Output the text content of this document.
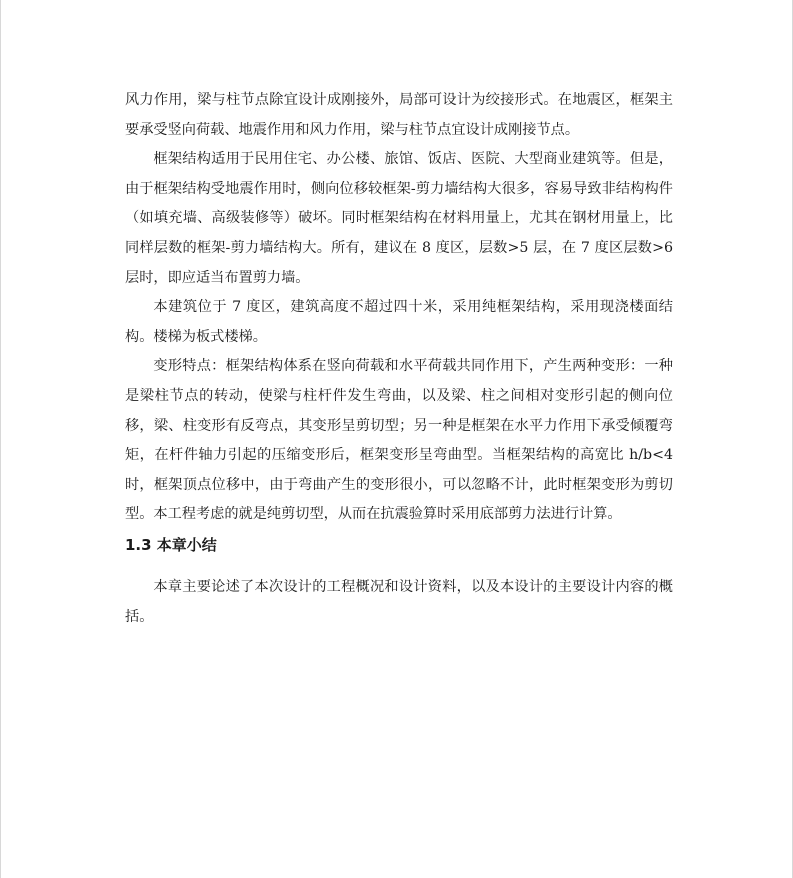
风力作用，梁与柱节点除宜设计成刚接外，局部可设计为绞接形式。在地震区，框架主要承受竖向荷载、地震作用和风力作用，梁与柱节点宜设计成刚接节点。

框架结构适用于民用住宅、办公楼、旅馆、饭店、医院、大型商业建筑等。但是，由于框架结构受地震作用时，侧向位移较框架-剪力墙结构大很多，容易导致非结构构件（如填充墙、高级装修等）破坏。同时框架结构在材料用量上，尤其在钢材用量上，比同样层数的框架-剪力墙结构大。所有，建议在 8 度区，层数>5 层，在 7 度区层数>6 层时，即应适当布置剪力墙。

本建筑位于 7 度区，建筑高度不超过四十米，采用纯框架结构，采用现浇楼面结构。楼梯为板式楼梯。

变形特点：框架结构体系在竖向荷载和水平荷载共同作用下，产生两种变形：一种是梁柱节点的转动，使梁与柱杆件发生弯曲，以及梁、柱之间相对变形引起的侧向位移，梁、柱变形有反弯点，其变形呈剪切型；另一种是框架在水平力作用下承受倾覆弯矩，在杆件轴力引起的压缩变形后，框架变形呈弯曲型。当框架结构的高宽比 h/b<4 时，框架顶点位移中，由于弯曲产生的变形很小，可以忽略不计，此时框架变形为剪切型。本工程考虑的就是纯剪切型，从而在抗震验算时采用底部剪力法进行计算。

1.3 本章小结

本章主要论述了本次设计的工程概况和设计资料，以及本设计的主要设计内容的概括。
